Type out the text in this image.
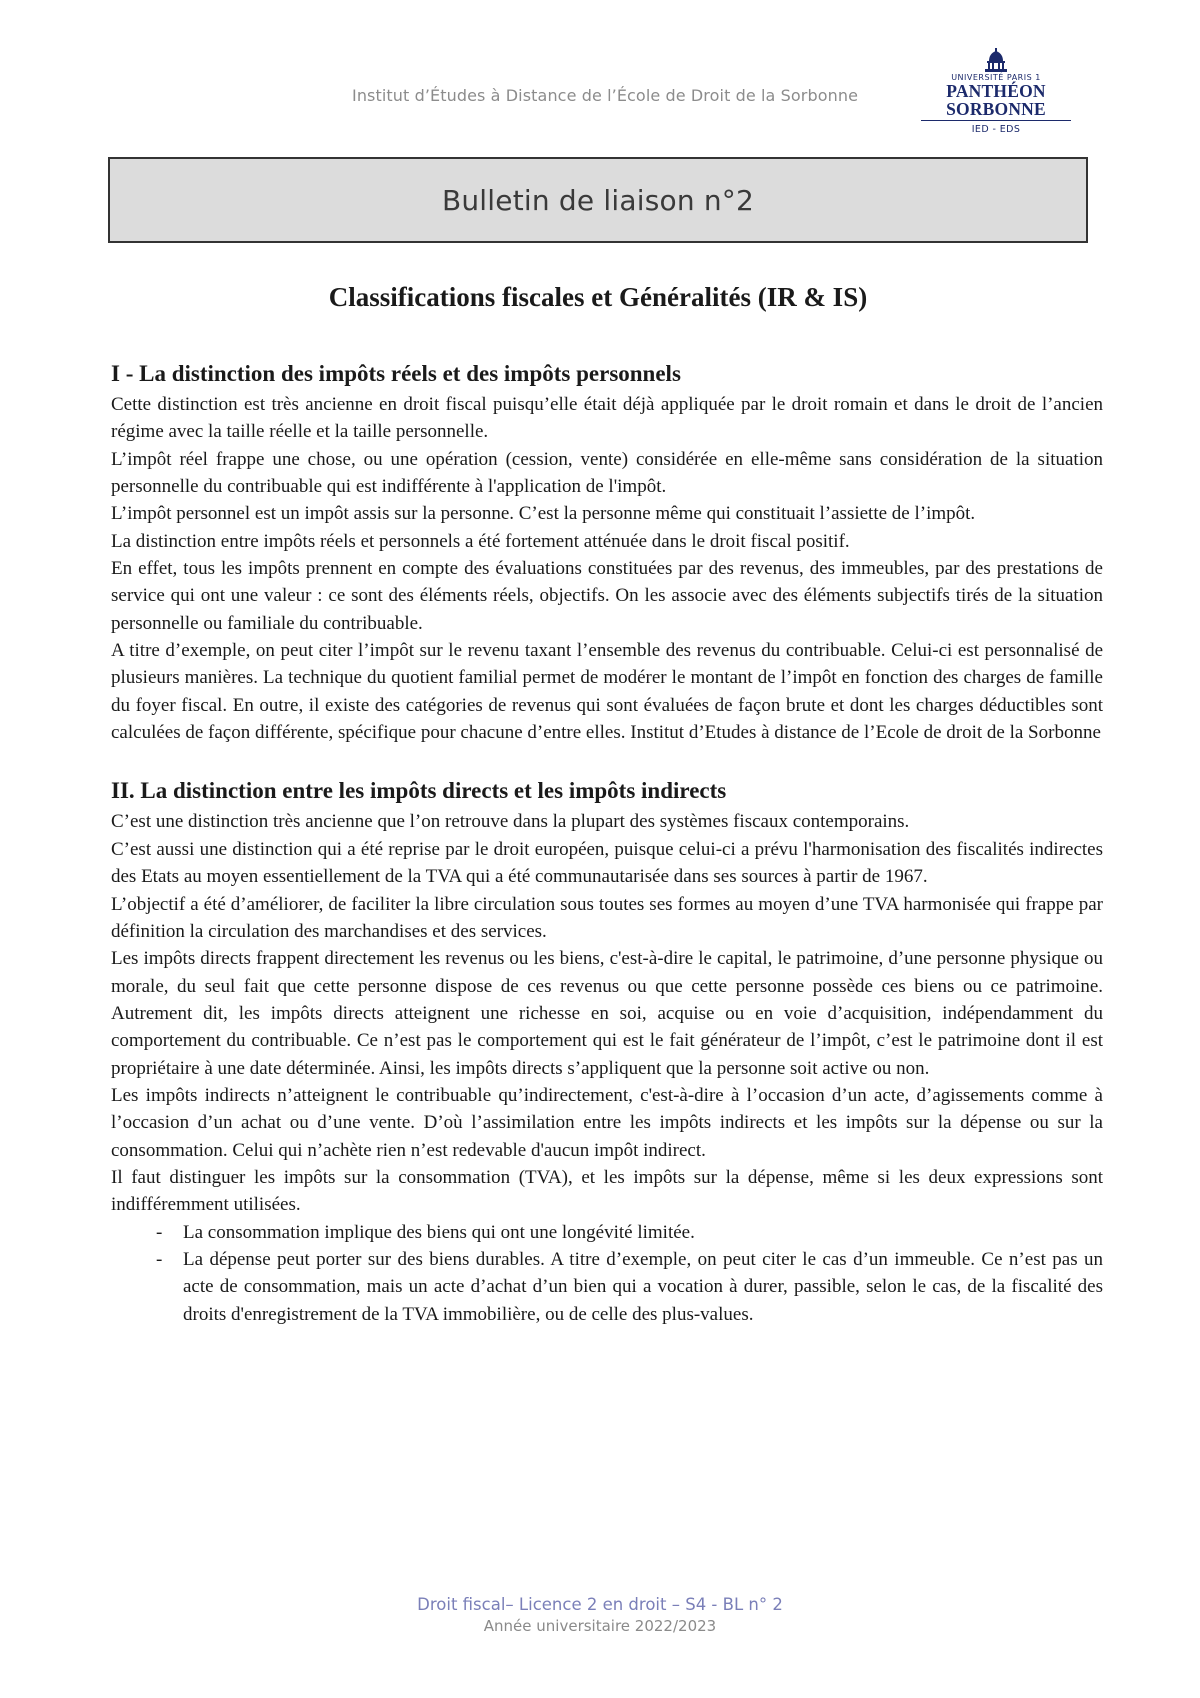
Institut d’Études à Distance de l’École de Droit de la Sorbonne
UNIVERSITÉ PARIS 1
PANTHÉON SORBONNE
IED - EDS
Bulletin de liaison n°2
Classifications fiscales et Généralités (IR & IS)
I - La distinction des impôts réels et des impôts personnels

Cette distinction est très ancienne en droit fiscal puisqu’elle était déjà appliquée par le droit romain et dans le droit de l’ancien régime avec la taille réelle et la taille personnelle.

L’impôt réel frappe une chose, ou une opération (cession, vente) considérée en elle-même sans considération de la situation personnelle du contribuable qui est indifférente à l'application de l'impôt.

L’impôt personnel est un impôt assis sur la personne. C’est la personne même qui constituait l’assiette de l’impôt.

La distinction entre impôts réels et personnels a été fortement atténuée dans le droit fiscal positif.

En effet, tous les impôts prennent en compte des évaluations constituées par des revenus, des immeubles, par des prestations de service qui ont une valeur : ce sont des éléments réels, objectifs. On les associe avec des éléments subjectifs tirés de la situation personnelle ou familiale du contribuable.

A titre d’exemple, on peut citer l’impôt sur le revenu taxant l’ensemble des revenus du contribuable. Celui-ci est personnalisé de plusieurs manières. La technique du quotient familial permet de modérer le montant de l’impôt en fonction des charges de famille du foyer fiscal. En outre, il existe des catégories de revenus qui sont évaluées de façon brute et dont les charges déductibles sont calculées de façon différente, spécifique pour chacune d’entre elles. Institut d’Etudes à distance de l’Ecole de droit de la Sorbonne

II. La distinction entre les impôts directs et les impôts indirects

C’est une distinction très ancienne que l’on retrouve dans la plupart des systèmes fiscaux contemporains.

C’est aussi une distinction qui a été reprise par le droit européen, puisque celui-ci a prévu l'harmonisation des fiscalités indirectes des Etats au moyen essentiellement de la TVA qui a été communautarisée dans ses sources à partir de 1967.

L’objectif a été d’améliorer, de faciliter la libre circulation sous toutes ses formes au moyen d’une TVA harmonisée qui frappe par définition la circulation des marchandises et des services.

Les impôts directs frappent directement les revenus ou les biens, c'est-à-dire le capital, le patrimoine, d’une personne physique ou morale, du seul fait que cette personne dispose de ces revenus ou que cette personne possède ces biens ou ce patrimoine. Autrement dit, les impôts directs atteignent une richesse en soi, acquise ou en voie d’acquisition, indépendamment du comportement du contribuable. Ce n’est pas le comportement qui est le fait générateur de l’impôt, c’est le patrimoine dont il est propriétaire à une date déterminée. Ainsi, les impôts directs s’appliquent que la personne soit active ou non.

Les impôts indirects n’atteignent le contribuable qu’indirectement, c'est-à-dire à l’occasion d’un acte, d’agissements comme à l’occasion d’un achat ou d’une vente. D’où l’assimilation entre les impôts indirects et les impôts sur la dépense ou sur la consommation. Celui qui n’achète rien n’est redevable d'aucun impôt indirect.

Il faut distinguer les impôts sur la consommation (TVA), et les impôts sur la dépense, même si les deux expressions sont indifféremment utilisées.

- La consommation implique des biens qui ont une longévité limitée.
- La dépense peut porter sur des biens durables. A titre d’exemple, on peut citer le cas d’un immeuble. Ce n’est pas un acte de consommation, mais un acte d’achat d’un bien qui a vocation à durer, passible, selon le cas, de la fiscalité des droits d'enregistrement de la TVA immobilière, ou de celle des plus-values.
Droit fiscal– Licence 2 en droit – S4 - BL n° 2
Année universitaire 2022/2023
